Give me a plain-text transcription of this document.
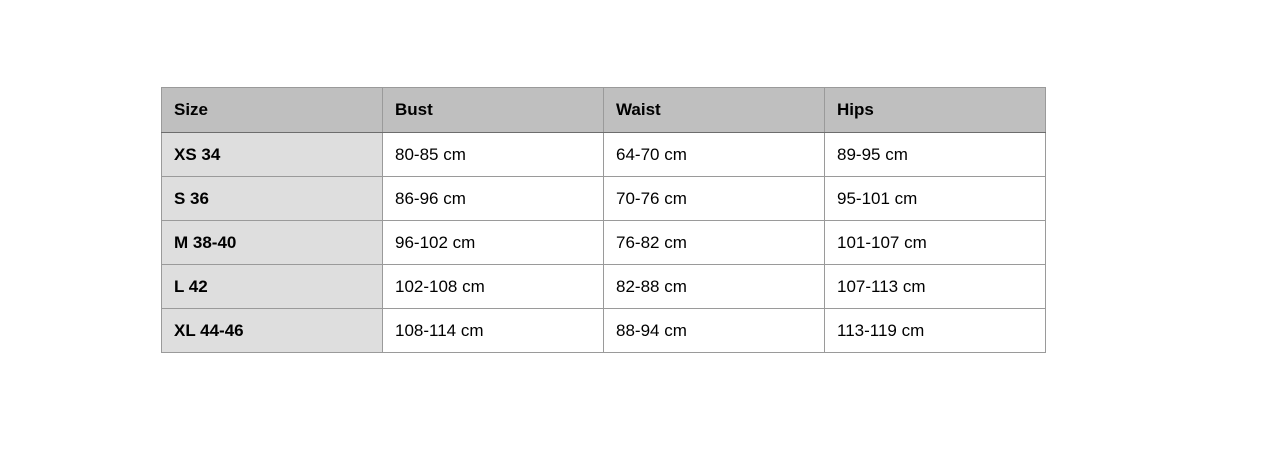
Size	Bust	Waist	Hips
XS 34	80-85 cm	64-70 cm	89-95 cm
S 36	86-96 cm	70-76 cm	95-101 cm
M 38-40	96-102 cm	76-82 cm	101-107 cm
L 42	102-108 cm	82-88 cm	107-113 cm
XL 44-46	108-114 cm	88-94 cm	113-119 cm
